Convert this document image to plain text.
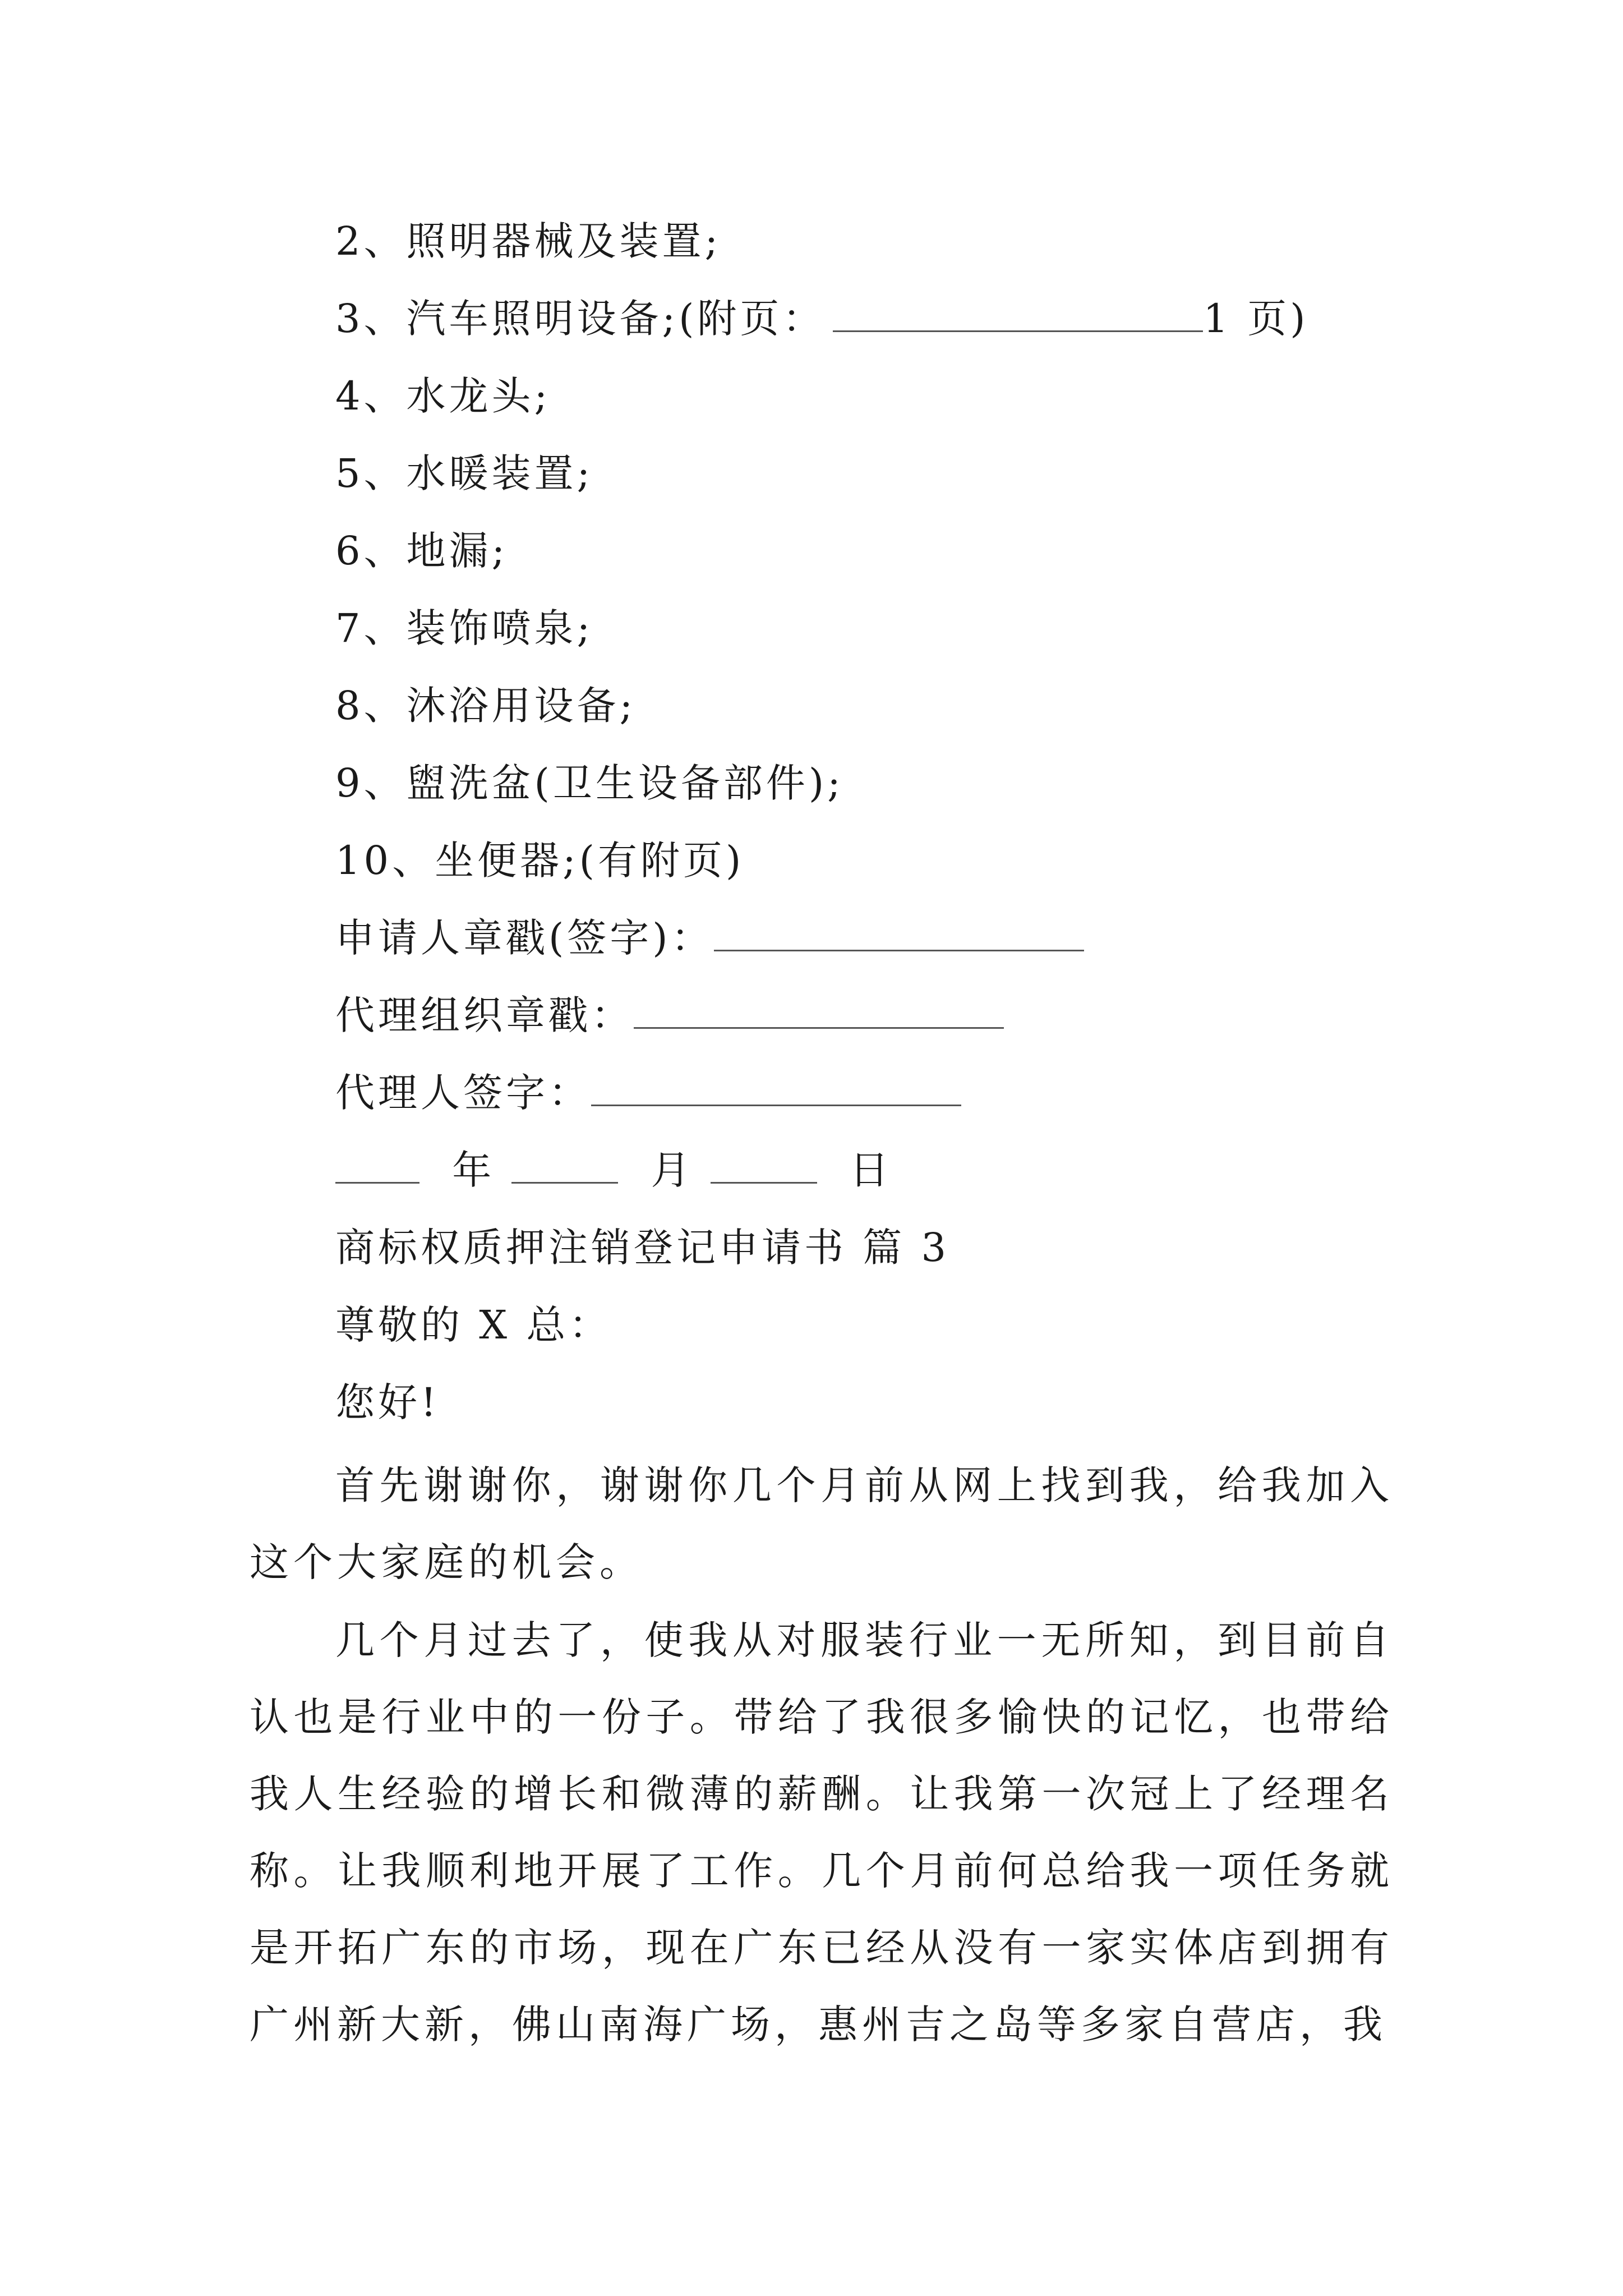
2、照明器械及装置;
3、汽车照明设备;(附页：	1 页)
4、水龙头;
5、水暖装置;
6、地漏;
7、装饰喷泉;
8、沐浴用设备;
9、盥洗盆(卫生设备部件);
10、坐便器;(有附页)
申请人章戳(签字)：
代理组织章戳：
代理人签字：
年	月	日
商标权质押注销登记申请书 篇 3
尊敬的 X 总：
您好!

首先谢谢你，谢谢你几个月前从网上找到我，给我加入这个大家庭的机会。

几个月过去了，使我从对服装行业一无所知，到目前自认也是行业中的一份子。带给了我很多愉快的记忆，也带给我人生经验的增长和微薄的薪酬。让我第一次冠上了经理名称。让我顺利地开展了工作。几个月前何总给我一项任务就是开拓广东的市场，现在广东已经从没有一家实体店到拥有广州新大新，佛山南海广场，惠州吉之岛等多家自营店，我
